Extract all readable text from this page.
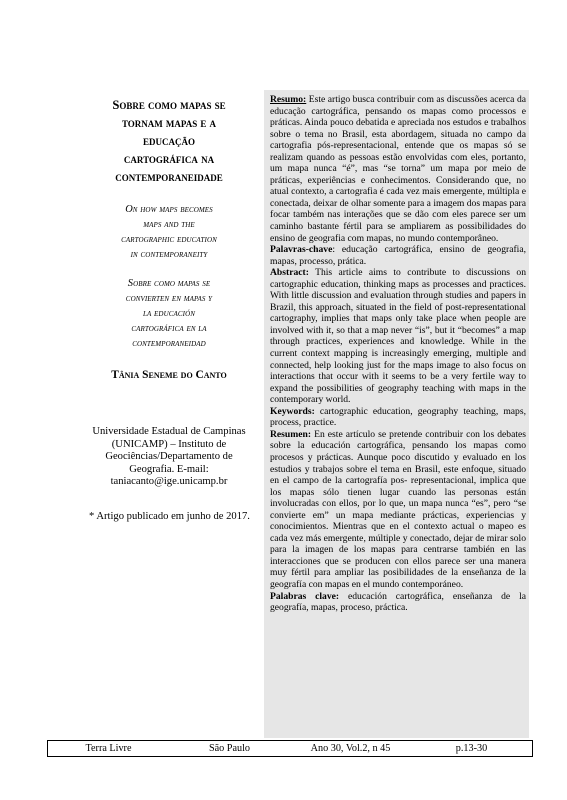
Sobre como mapas se

tornam mapas e a

educação

cartográfica na

contemporaneidade

On how maps becomes

maps and the

cartographic education

in contemporaneity

Sobre como mapas se

convierten en mapas y

la educación

cartográfica en la

contemporaneidad

Tânia Seneme do Canto
Universidade Estadual de Campinas
(UNICAMP) – Instituto de
Geociências/Departamento de
Geografia. E-mail:
taniacanto@ige.unicamp.br
* Artigo publicado em junho de 2017.

Resumo: Este artigo busca contribuir com as discussões acerca da educação cartográfica, pensando os mapas como processos e práticas. Ainda pouco debatida e apreciada nos estudos e trabalhos sobre o tema no Brasil, esta abordagem, situada no campo da cartografia pós-representacional, entende que os mapas só se realizam quando as pessoas estão envolvidas com eles, portanto, um mapa nunca “é”, mas “se torna” um mapa por meio de práticas, experiências e conhecimentos. Considerando que, no atual contexto, a cartografia é cada vez mais emergente, múltipla e conectada, deixar de olhar somente para a imagem dos mapas para focar também nas interações que se dão com eles parece ser um caminho bastante fértil para se ampliarem as possibilidades do ensino de geografia com mapas, no mundo contemporâneo.

Palavras-chave: educação cartográfica, ensino de geografia, mapas, processo, prática.

Abstract: This article aims to contribute to discussions on cartographic education, thinking maps as processes and practices. With little discussion and evaluation through studies and papers in Brazil, this approach, situated in the field of post-representational cartography, implies that maps only take place when people are involved with it, so that a map never “is”, but it “becomes” a map through practices, experiences and knowledge. While in the current context mapping is increasingly emerging, multiple and connected, help looking just for the maps image to also focus on interactions that occur with it seems to be a very fertile way to expand the possibilities of geography teaching with maps in the contemporary world.

Keywords: cartographic education, geography teaching, maps, process, practice.

Resumen: En este artículo se pretende contribuir con los debates sobre la educación cartográfica, pensando los mapas como procesos y prácticas. Aunque poco discutido y evaluado en los estudios y trabajos sobre el tema en Brasil, este enfoque, situado en el campo de la cartografía pos- representacional, implica que los mapas sólo tienen lugar cuando las personas están involucradas con ellos, por lo que, un mapa nunca “es”, pero “se convierte em” un mapa mediante prácticas, experiencias y conocimientos. Mientras que en el contexto actual o mapeo es cada vez más emergente, múltiple y conectado, dejar de mirar solo para la imagen de los mapas para centrarse también en las interacciones que se producen con ellos parece ser una manera muy fértil para ampliar las posibilidades de la enseñanza de la geografía con mapas en el mundo contemporáneo.

Palabras clave: educación cartográfica, enseñanza de la geografía, mapas, proceso, práctica.

Terra Livre	São Paulo	Ano 30, Vol.2, n 45	p.13-30
